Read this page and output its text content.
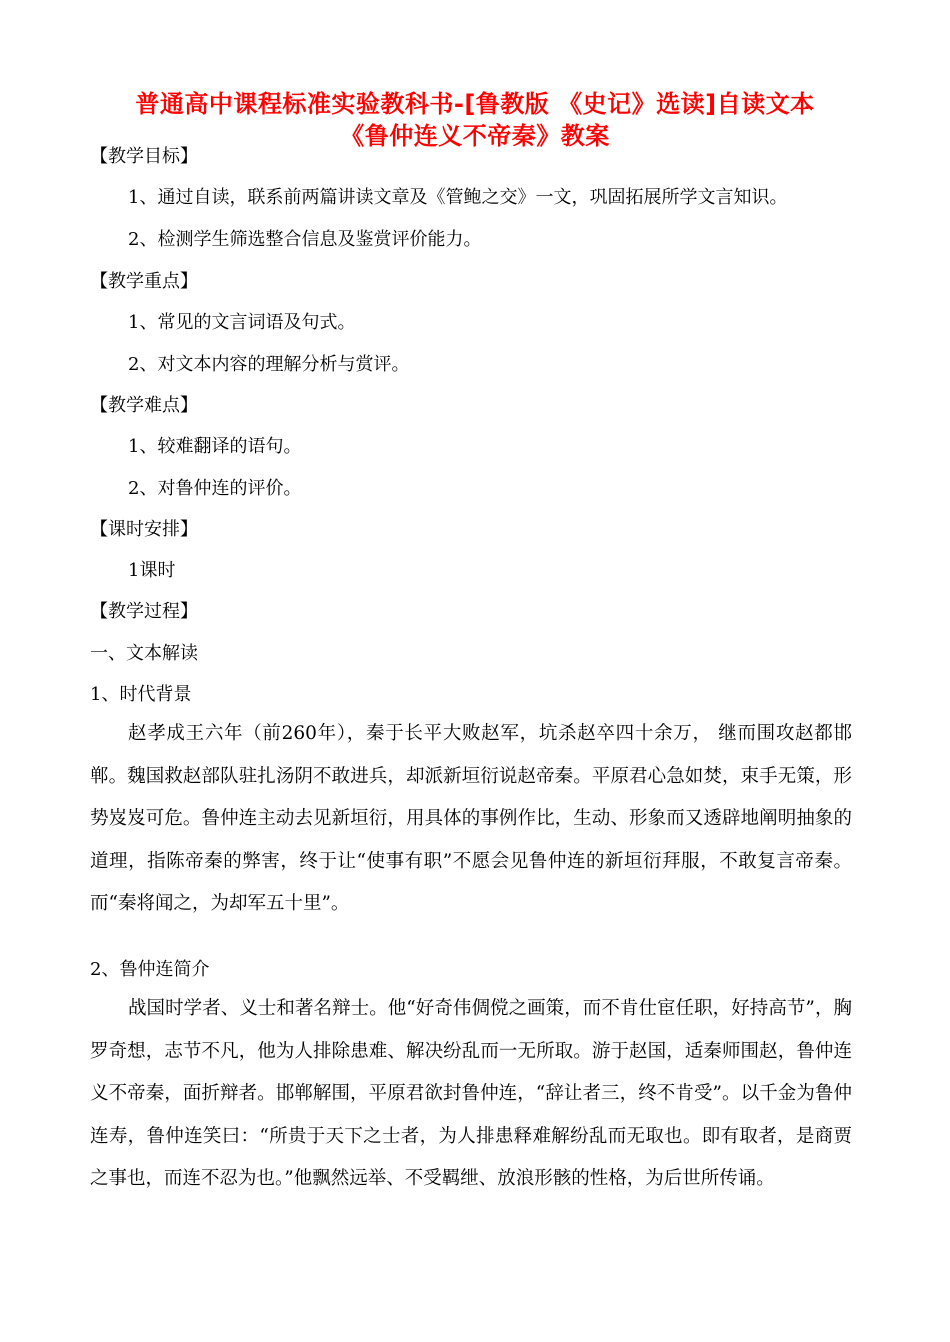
普通高中课程标准实验教科书-[鲁教版 《史记》选读]自读文本
《鲁仲连义不帝秦》教案
【教学目标】
1、通过自读，联系前两篇讲读文章及《管鲍之交》一文，巩固拓展所学文言知识。
2、检测学生筛选整合信息及鉴赏评价能力。
【教学重点】
1、常见的文言词语及句式。
2、对文本内容的理解分析与赏评。
【教学难点】
1、较难翻译的语句。
2、对鲁仲连的评价。
【课时安排】
1课时
【教学过程】
一、文本解读
1、时代背景
赵孝成王六年（前260年），秦于长平大败赵军，坑杀赵卒四十余万， 继而围攻赵都邯郸。魏国救赵部队驻扎汤阴不敢进兵，却派新垣衍说赵帝秦。平原君心急如焚，束手无策，形势岌岌可危。鲁仲连主动去见新垣衍，用具体的事例作比，生动、形象而又透辟地阐明抽象的道理，指陈帝秦的弊害，终于让“使事有职”不愿会见鲁仲连的新垣衍拜服，不敢复言帝秦。而“秦将闻之，为却军五十里”。
2、鲁仲连简介
战国时学者、义士和著名辩士。他“好奇伟倜傥之画策，而不肯仕宦任职，好持高节”，胸罗奇想，志节不凡，他为人排除患难、解决纷乱而一无所取。游于赵国，适秦师围赵，鲁仲连义不帝秦，面折辩者。邯郸解围，平原君欲封鲁仲连，“辞让者三，终不肯受”。以千金为鲁仲连寿，鲁仲连笑曰：“所贵于天下之士者，为人排患释难解纷乱而无取也。即有取者，是商贾之事也，而连不忍为也。”他飘然远举、不受羁绁、放浪形骸的性格，为后世所传诵。
